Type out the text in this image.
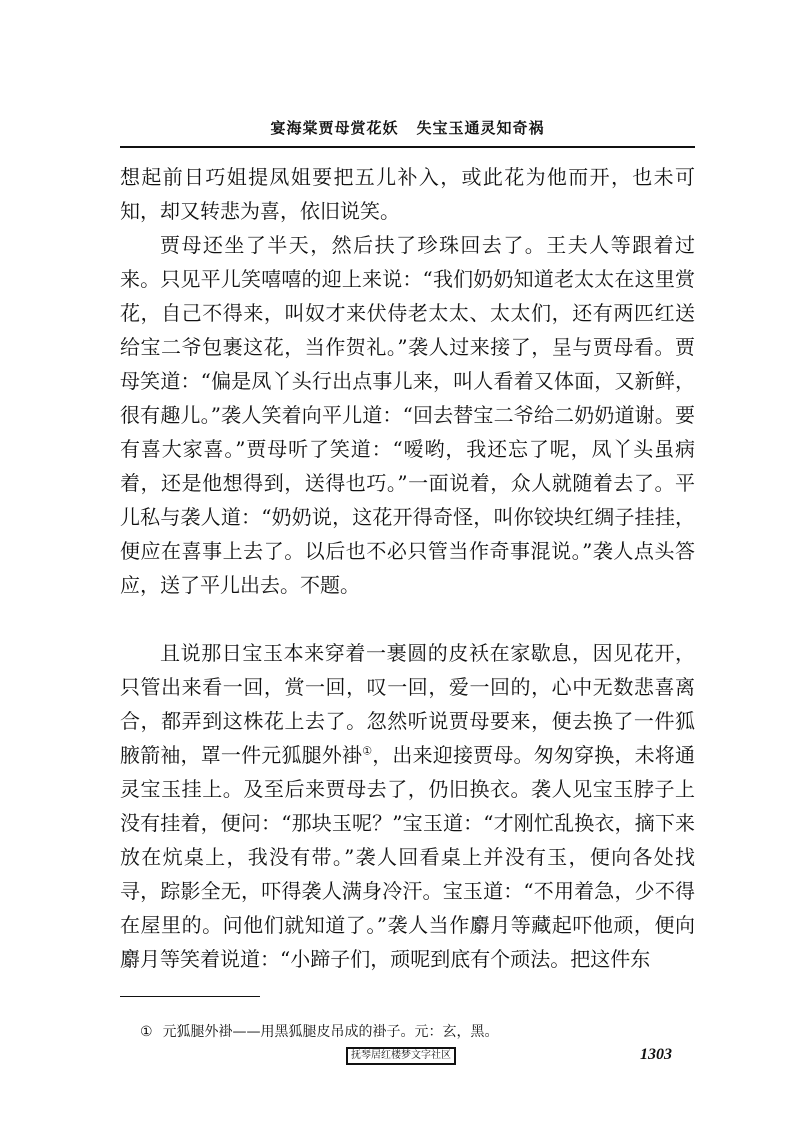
宴海棠贾母赏花妖 失宝玉通灵知奇祸

想起前日巧姐提凤姐要把五儿补入，或此花为他而开，也未可知，却又转悲为喜，依旧说笑。

贾母还坐了半天，然后扶了珍珠回去了。王夫人等跟着过来。只见平儿笑嘻嘻的迎上来说：“我们奶奶知道老太太在这里赏花，自己不得来，叫奴才来伏侍老太太、太太们，还有两匹红送给宝二爷包裹这花，当作贺礼。”袭人过来接了，呈与贾母看。贾母笑道：“偏是凤丫头行出点事儿来，叫人看着又体面，又新鲜，很有趣儿。”袭人笑着向平儿道：“回去替宝二爷给二奶奶道谢。要有喜大家喜。”贾母听了笑道：“嗳哟，我还忘了呢，凤丫头虽病着，还是他想得到，送得也巧。”一面说着，众人就随着去了。平儿私与袭人道：“奶奶说，这花开得奇怪，叫你铰块红绸子挂挂，便应在喜事上去了。以后也不必只管当作奇事混说。”袭人点头答应，送了平儿出去。不题。

且说那日宝玉本来穿着一裹圆的皮袄在家歇息，因见花开，只管出来看一回，赏一回，叹一回，爱一回的，心中无数悲喜离合，都弄到这株花上去了。忽然听说贾母要来，便去换了一件狐腋箭袖，罩一件元狐腿外褂①，出来迎接贾母。匆匆穿换，未将通灵宝玉挂上。及至后来贾母去了，仍旧换衣。袭人见宝玉脖子上没有挂着，便问：“那块玉呢？”宝玉道：“才刚忙乱换衣，摘下来放在炕桌上，我没有带。”袭人回看桌上并没有玉，便向各处找寻，踪影全无，吓得袭人满身冷汗。宝玉道：“不用着急，少不得在屋里的。问他们就知道了。”袭人当作麝月等藏起吓他顽，便向麝月等笑着说道：“小蹄子们，顽呢到底有个顽法。把这件东

① 元狐腿外褂——用黑狐腿皮吊成的褂子。元：玄，黑。
抚琴居红楼梦文字社区	1303
